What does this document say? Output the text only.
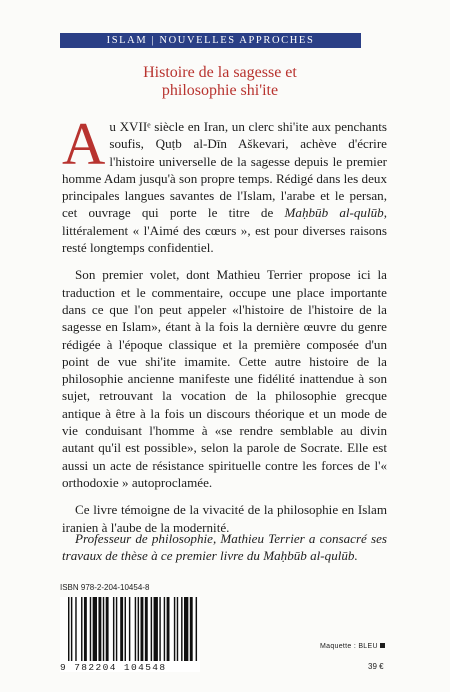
ISLAM | NOUVELLES APPROCHES
Histoire de la sagesse et
philosophie shi'ite

Au XVIIᵉ siècle en Iran, un clerc shi'ite aux penchants soufis, Quṭb al-Dīn Aškevari, achève d'écrire l'histoire universelle de la sagesse depuis le premier homme Adam jusqu'à son propre temps. Rédigé dans les deux principales langues savantes de l'Islam, l'arabe et le persan, cet ouvrage qui porte le titre de Maḥbūb al-qulūb, littéralement « l'Aimé des cœurs », est pour diverses raisons resté longtemps confidentiel.

Son premier volet, dont Mathieu Terrier propose ici la traduction et le commentaire, occupe une place importante dans ce que l'on peut appeler «l'histoire de l'histoire de la sagesse en Islam», étant à la fois la dernière œuvre du genre rédigée à l'époque classique et la première composée d'un point de vue shi'ite imamite. Cette autre histoire de la philosophie ancienne manifeste une fidélité inattendue à son sujet, retrouvant la vocation de la philosophie grecque antique à être à la fois un discours théorique et un mode de vie conduisant l'homme à «se rendre semblable au divin autant qu'il est possible», selon la parole de Socrate. Elle est aussi un acte de résistance spirituelle contre les forces de l'« orthodoxie » autoproclamée.

Ce livre témoigne de la vivacité de la philosophie en Islam iranien à l'aube de la modernité.

Professeur de philosophie, Mathieu Terrier a consacré ses travaux de thèse à ce premier livre du Maḥbūb al-qulūb.

ISBN 978-2-204-10454-8
9 782204 104548
Maquette : BLEU
39 €
